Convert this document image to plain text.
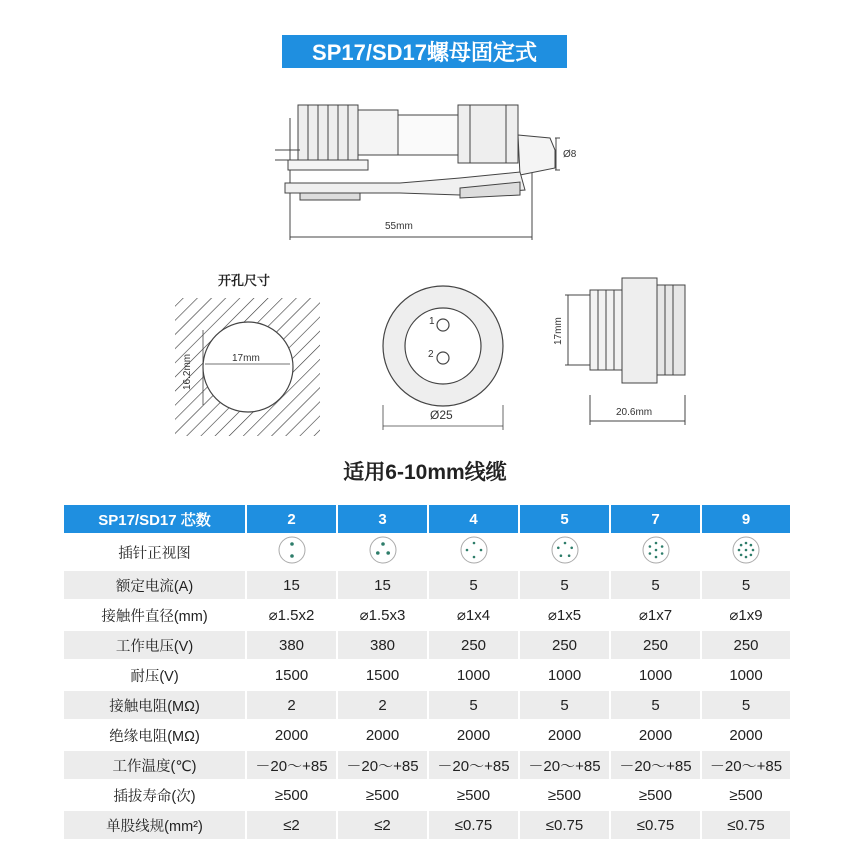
SP17/SD17螺母固定式
55mm
Ø8
17mm
16.2mm
1
2
Ø25
17mm
20.6mm
开孔尺寸
适用6-10mm线缆
SP17/SD17 芯数	2	3	4	5	7	9
插针正视图						
额定电流(A)	15	15	5	5	5	5
接触件直径(mm)	⌀1.5x2	⌀1.5x3	⌀1x4	⌀1x5	⌀1x7	⌀1x9
工作电压(V)	380	380	250	250	250	250
耐压(V)	1500	1500	1000	1000	1000	1000
接触电阻(MΩ)	2	2	5	5	5	5
绝缘电阻(MΩ)	2000	2000	2000	2000	2000	2000
工作温度(℃)	－20～+85	－20～+85	－20～+85	－20～+85	－20～+85	－20～+85
插拔寿命(次)	≥500	≥500	≥500	≥500	≥500	≥500
单股线规(mm²)	≤2	≤2	≤0.75	≤0.75	≤0.75	≤0.75
